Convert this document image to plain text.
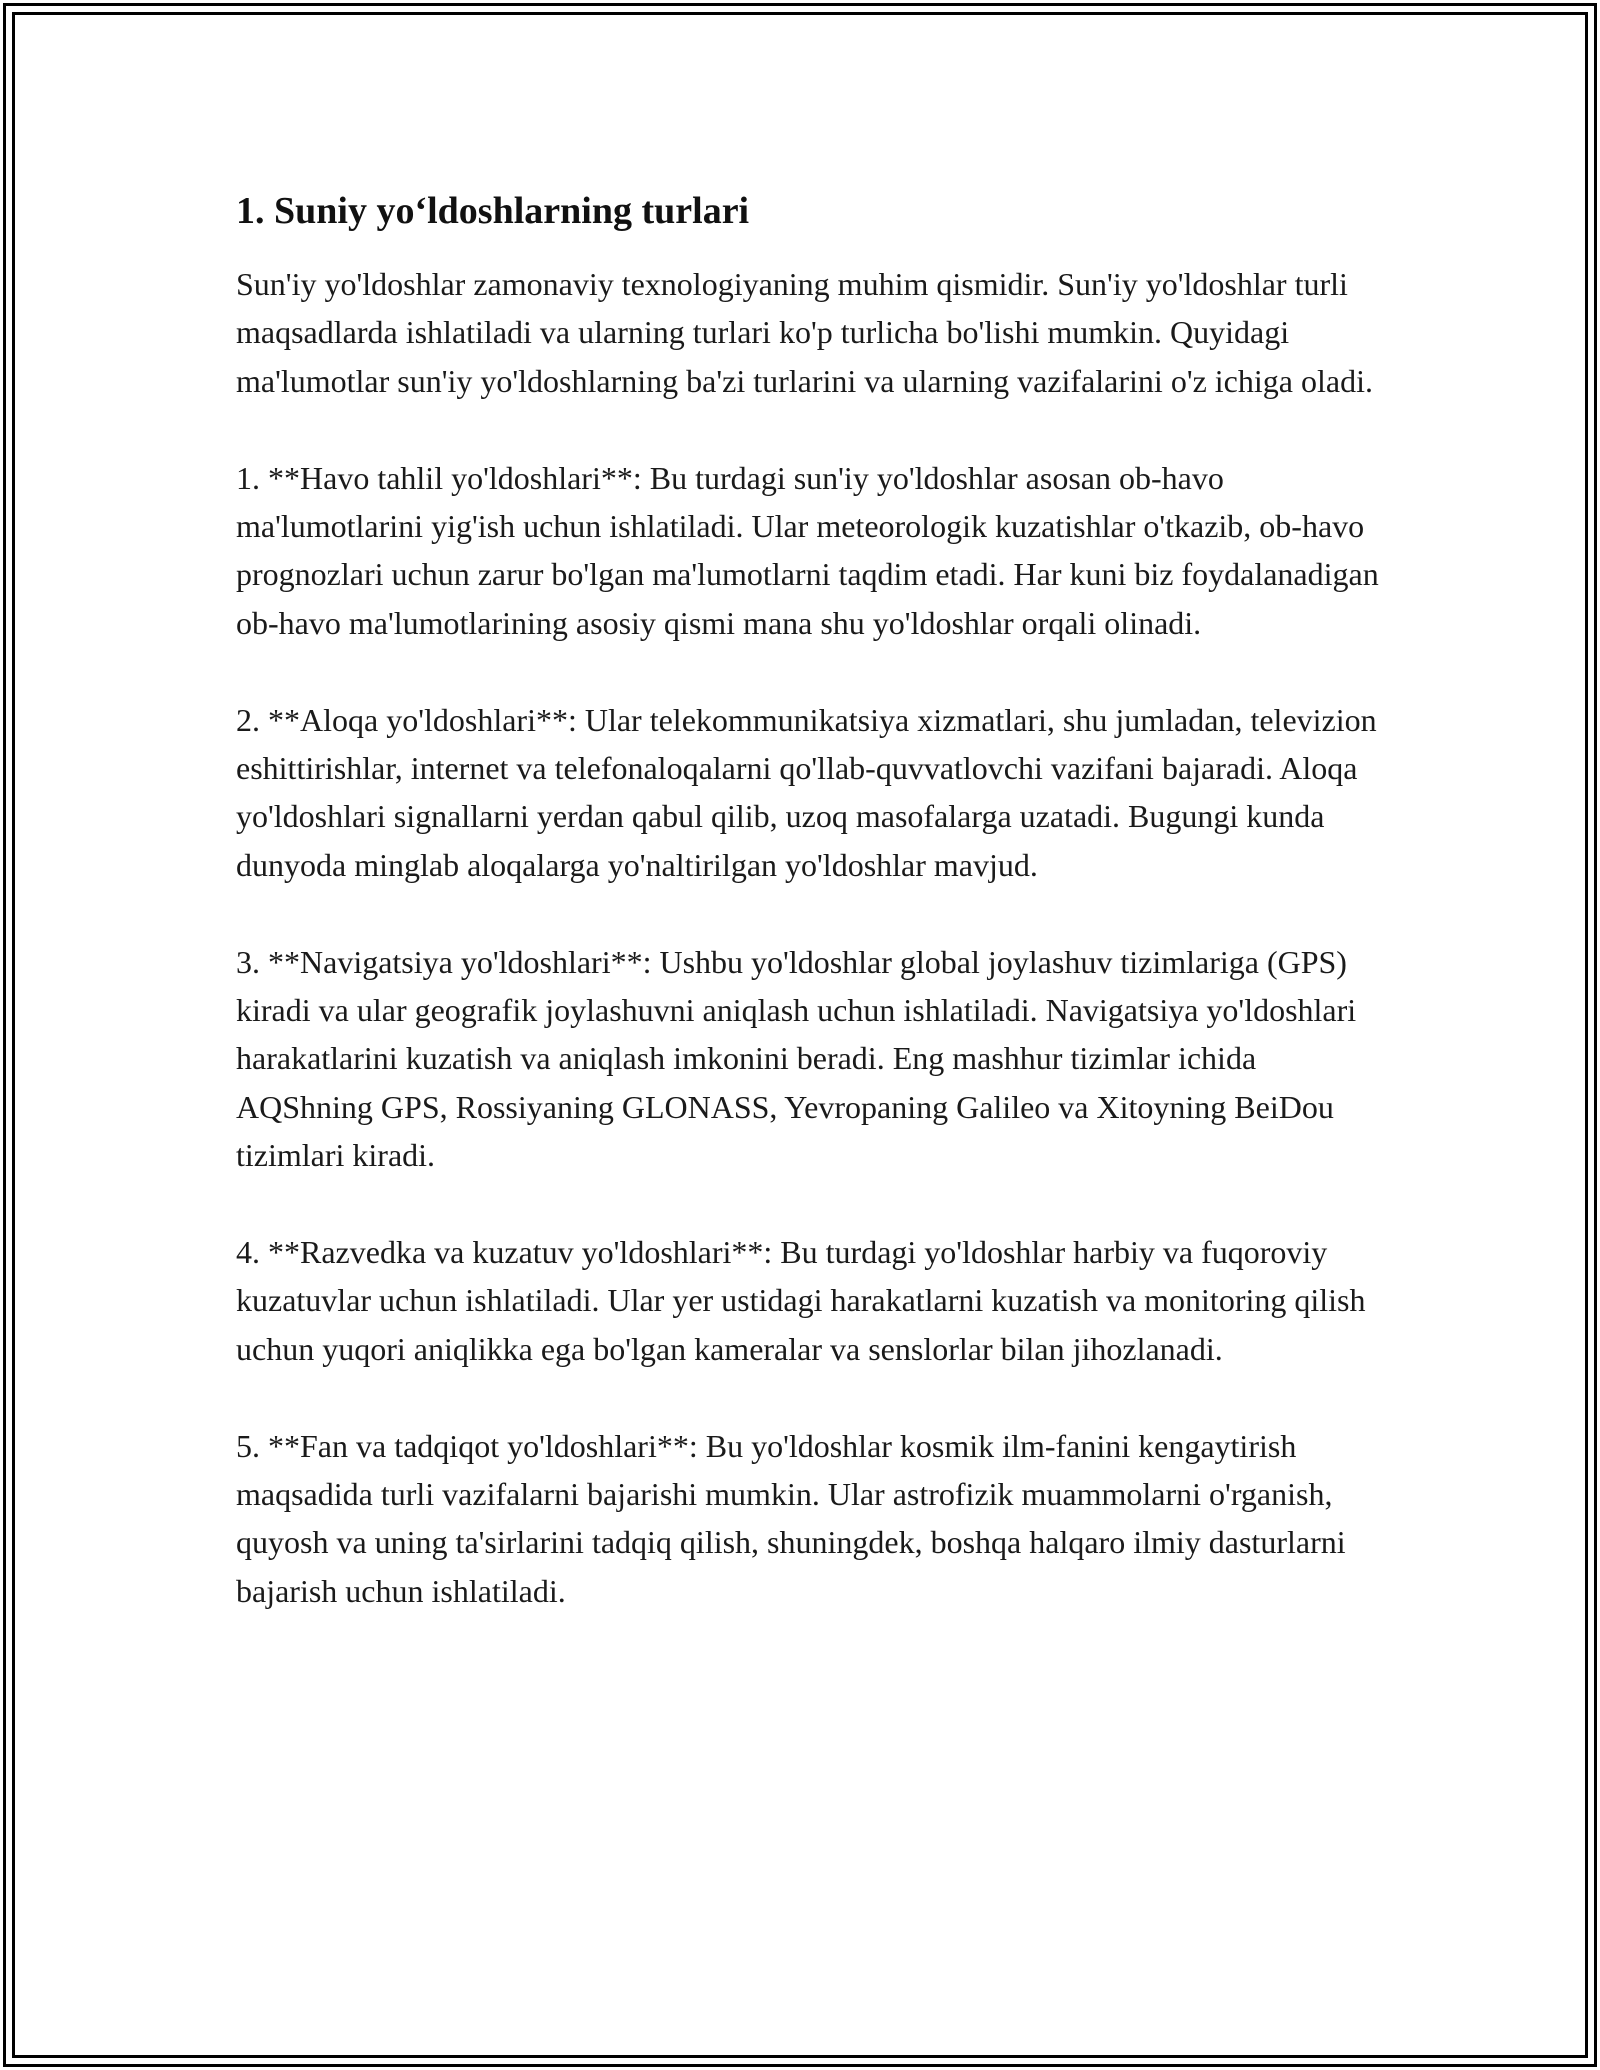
1. Suniy yo‘ldoshlarning turlari

Sun'iy yo'ldoshlar zamonaviy texnologiyaning muhim qismidir. Sun'iy yo'ldoshlar turli maqsadlarda ishlatiladi va ularning turlari ko'p turlicha bo'lishi mumkin. Quyidagi ma'lumotlar sun'iy yo'ldoshlarning ba'zi turlarini va ularning vazifalarini o'z ichiga oladi.

1. **Havo tahlil yo'ldoshlari**: Bu turdagi sun'iy yo'ldoshlar asosan ob-havo ma'lumotlarini yig'ish uchun ishlatiladi. Ular meteorologik kuzatishlar o'tkazib, ob-havo prognozlari uchun zarur bo'lgan ma'lumotlarni taqdim etadi. Har kuni biz foydalanadigan ob-havo ma'lumotlarining asosiy qismi mana shu yo'ldoshlar orqali olinadi.

2. **Aloqa yo'ldoshlari**: Ular telekommunikatsiya xizmatlari, shu jumladan, televizion eshittirishlar, internet va telefonaloqalarni qo'llab-quvvatlovchi vazifani bajaradi. Aloqa yo'ldoshlari signallarni yerdan qabul qilib, uzoq masofalarga uzatadi. Bugungi kunda dunyoda minglab aloqalarga yo'naltirilgan yo'ldoshlar mavjud.

3. **Navigatsiya yo'ldoshlari**: Ushbu yo'ldoshlar global joylashuv tizimlariga (GPS) kiradi va ular geografik joylashuvni aniqlash uchun ishlatiladi. Navigatsiya yo'ldoshlari harakatlarini kuzatish va aniqlash imkonini beradi. Eng mashhur tizimlar ichida AQShning GPS, Rossiyaning GLONASS, Yevropaning Galileo va Xitoyning BeiDou tizimlari kiradi.

4. **Razvedka va kuzatuv yo'ldoshlari**: Bu turdagi yo'ldoshlar harbiy va fuqoroviy kuzatuvlar uchun ishlatiladi. Ular yer ustidagi harakatlarni kuzatish va monitoring qilish uchun yuqori aniqlikka ega bo'lgan kameralar va senslorlar bilan jihozlanadi.

5. **Fan va tadqiqot yo'ldoshlari**: Bu yo'ldoshlar kosmik ilm-fanini kengaytirish maqsadida turli vazifalarni bajarishi mumkin. Ular astrofizik muammolarni o'rganish, quyosh va uning ta'sirlarini tadqiq qilish, shuningdek, boshqa halqaro ilmiy dasturlarni bajarish uchun ishlatiladi.
